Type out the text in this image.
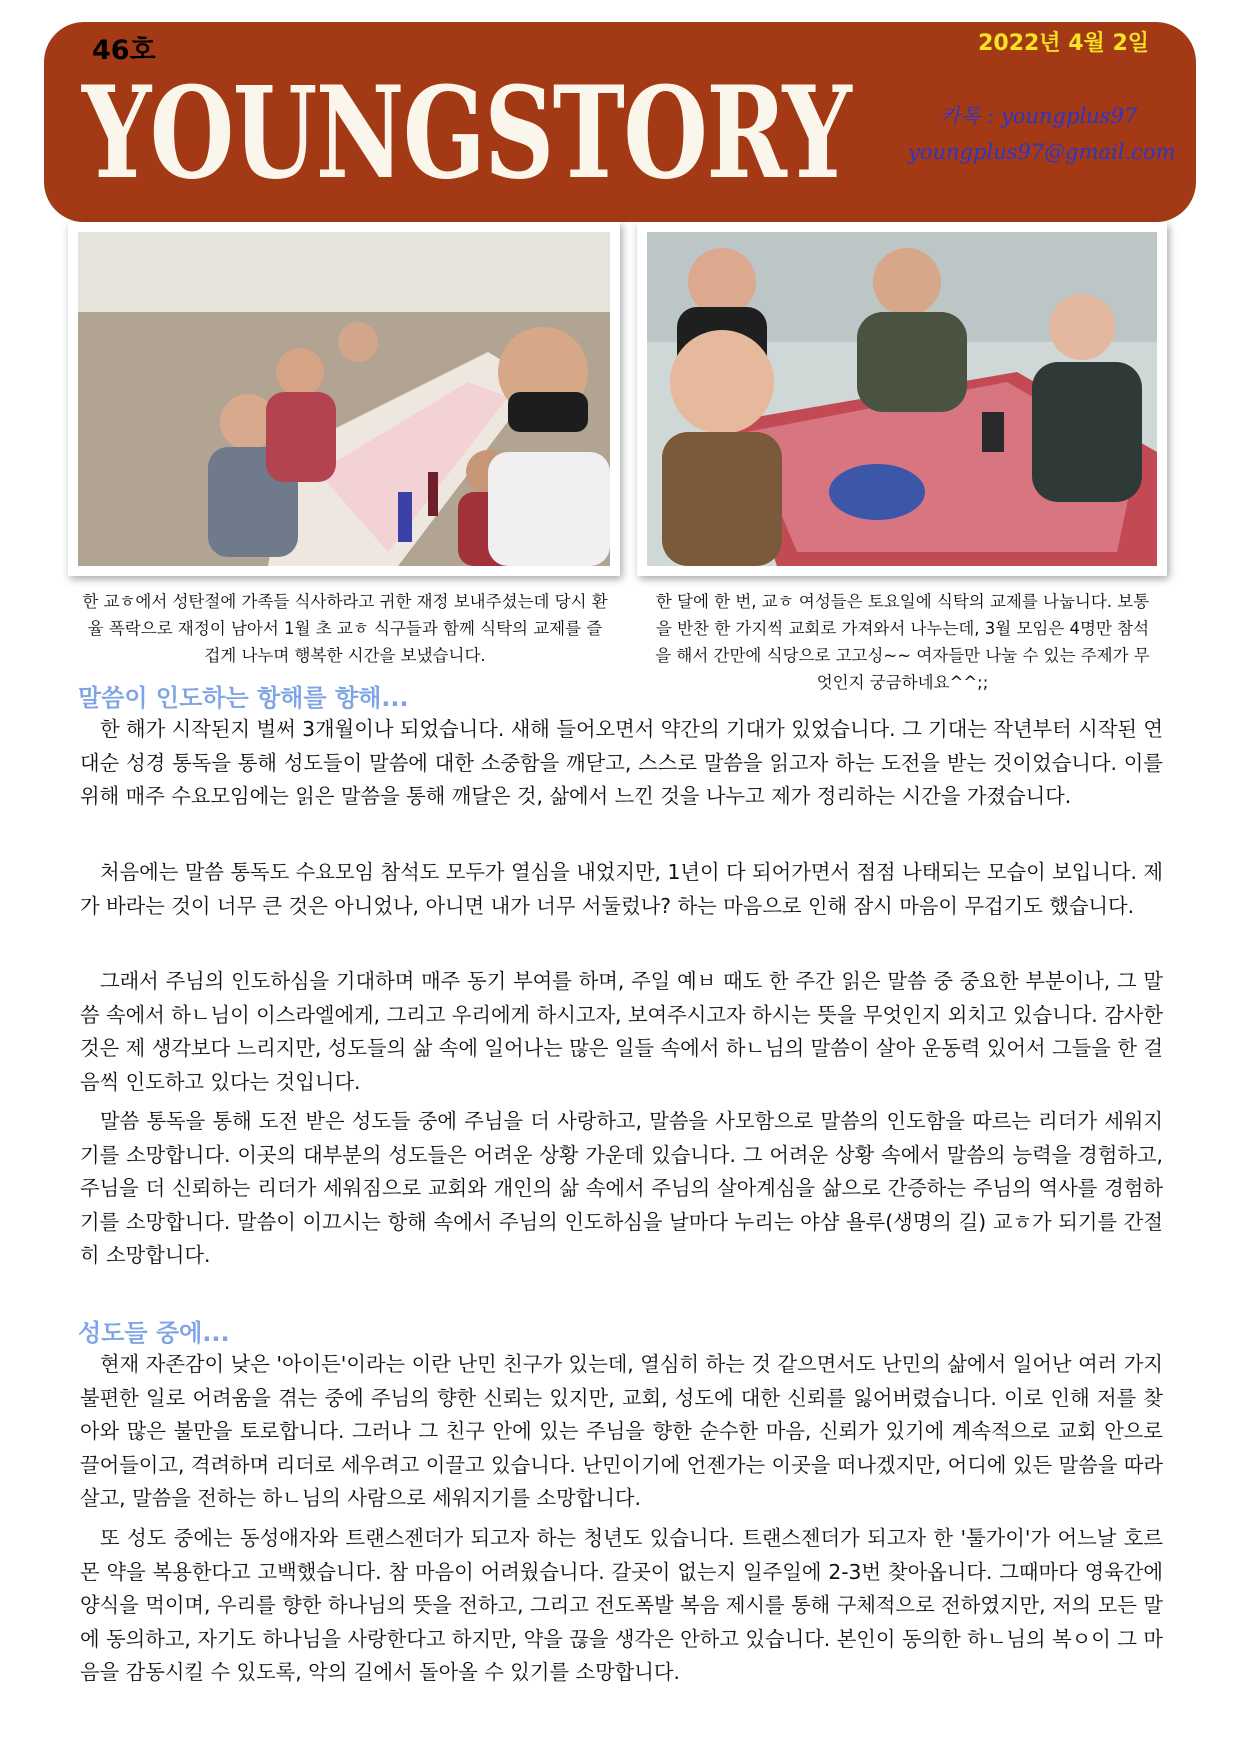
46호
YOUNGSTORY
2022년 4월 2일
카톡 : youngplus97
youngplus97@gmail.com
한 교ㅎ에서 성탄절에 가족들 식사하라고 귀한 재정 보내주셨는데 당시 환율 폭락으로 재정이 남아서 1월 초 교ㅎ 식구들과 함께 식탁의 교제를 즐겁게 나누며 행복한 시간을 보냈습니다.
한 달에 한 번, 교ㅎ 여성들은 토요일에 식탁의 교제를 나눕니다. 보통을 반찬 한 가지씩 교회로 가져와서 나누는데, 3월 모임은 4명만 참석을 해서 간만에 식당으로 고고싱~~ 여자들만 나눌 수 있는 주제가 무엇인지 궁금하네요^^;;
말씀이 인도하는 항해를 향해...

한 해가 시작된지 벌써 3개월이나 되었습니다. 새해 들어오면서 약간의 기대가 있었습니다. 그 기대는 작년부터 시작된 연대순 성경 통독을 통해 성도들이 말씀에 대한 소중함을 깨닫고, 스스로 말씀을 읽고자 하는 도전을 받는 것이었습니다. 이를 위해 매주 수요모임에는 읽은 말씀을 통해 깨달은 것, 삶에서 느낀 것을 나누고 제가 정리하는 시간을 가졌습니다.

처음에는 말씀 통독도 수요모임 참석도 모두가 열심을 내었지만, 1년이 다 되어가면서 점점 나태되는 모습이 보입니다. 제가 바라는 것이 너무 큰 것은 아니었나, 아니면 내가 너무 서둘렀나? 하는 마음으로 인해 잠시 마음이 무겁기도 했습니다.

그래서 주님의 인도하심을 기대하며 매주 동기 부여를 하며, 주일 예ㅂ 때도 한 주간 읽은 말씀 중 중요한 부분이나, 그 말씀 속에서 하ㄴ님이 이스라엘에게, 그리고 우리에게 하시고자, 보여주시고자 하시는 뜻을 무엇인지 외치고 있습니다. 감사한 것은 제 생각보다 느리지만, 성도들의 삶 속에 일어나는 많은 일들 속에서 하ㄴ님의 말씀이 살아 운동력 있어서 그들을 한 걸음씩 인도하고 있다는 것입니다.

말씀 통독을 통해 도전 받은 성도들 중에 주님을 더 사랑하고, 말씀을 사모함으로 말씀의 인도함을 따르는 리더가 세워지기를 소망합니다. 이곳의 대부분의 성도들은 어려운 상황 가운데 있습니다. 그 어려운 상황 속에서 말씀의 능력을 경험하고, 주님을 더 신뢰하는 리더가 세워짐으로 교회와 개인의 삶 속에서 주님의 살아계심을 삶으로 간증하는 주님의 역사를 경험하기를 소망합니다. 말씀이 이끄시는 항해 속에서 주님의 인도하심을 날마다 누리는 야샴 욜루(생명의 길) 교ㅎ가 되기를 간절히 소망합니다.

성도들 중에...

현재 자존감이 낮은 '아이든'이라는 이란 난민 친구가 있는데, 열심히 하는 것 같으면서도 난민의 삶에서 일어난 여러 가지 불편한 일로 어려움을 겪는 중에 주님의 향한 신뢰는 있지만, 교회, 성도에 대한 신뢰를 잃어버렸습니다. 이로 인해 저를 찾아와 많은 불만을 토로합니다. 그러나 그 친구 안에 있는 주님을 향한 순수한 마음, 신뢰가 있기에 계속적으로 교회 안으로 끌어들이고, 격려하며 리더로 세우려고 이끌고 있습니다. 난민이기에 언젠가는 이곳을 떠나겠지만, 어디에 있든 말씀을 따라 살고, 말씀을 전하는 하ㄴ님의 사람으로 세워지기를 소망합니다.

또 성도 중에는 동성애자와 트랜스젠더가 되고자 하는 청년도 있습니다. 트랜스젠더가 되고자 한 '툴가이'가 어느날 호르몬 약을 복용한다고 고백했습니다. 참 마음이 어려웠습니다. 갈곳이 없는지 일주일에 2-3번 찾아옵니다. 그때마다 영육간에 양식을 먹이며, 우리를 향한 하나님의 뜻을 전하고, 그리고 전도폭발 복음 제시를 통해 구체적으로 전하였지만, 저의 모든 말에 동의하고, 자기도 하나님을 사랑한다고 하지만, 약을 끊을 생각은 안하고 있습니다. 본인이 동의한 하ㄴ님의 복ㅇ이 그 마음을 감동시킬 수 있도록, 악의 길에서 돌아올 수 있기를 소망합니다.
